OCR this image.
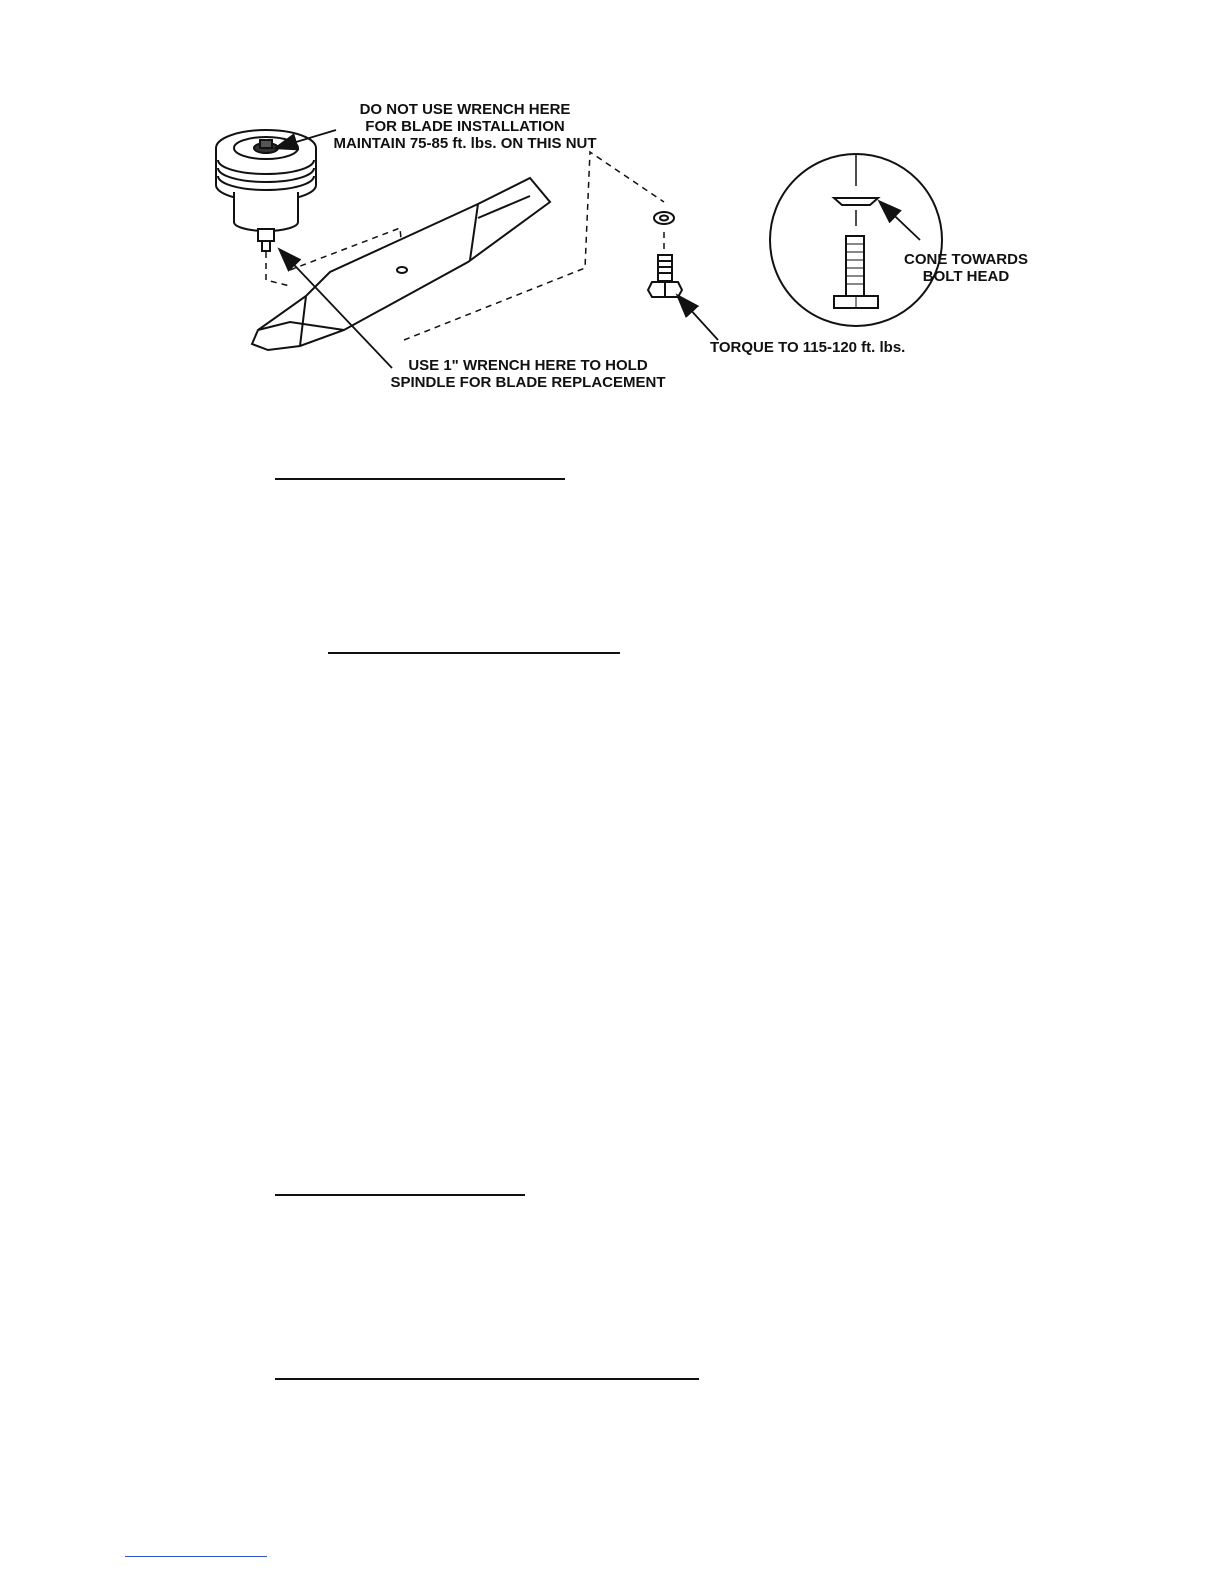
DO NOT USE WRENCH HERE
FOR BLADE INSTALLATION
MAINTAIN 75-85 ft. lbs. ON THIS NUT
USE 1" WRENCH HERE TO HOLD
SPINDLE FOR BLADE REPLACEMENT
TORQUE TO 115-120 ft. lbs.
CONE TOWARDS
BOLT HEAD
